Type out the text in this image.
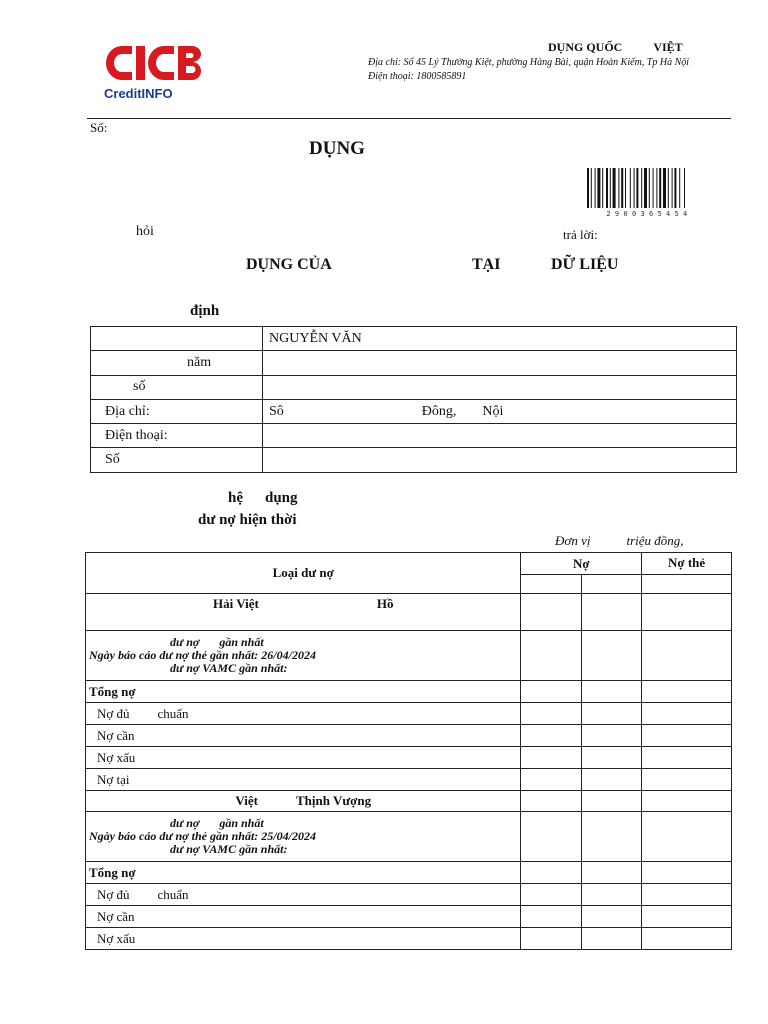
CreditINFO
DỤNG QUỐC	VIỆT
Địa chỉ: Số 45 Lý Thường Kiệt, phường Hàng Bài, quận Hoàn Kiếm, Tp Hà Nội
Điện thoại: 1800585891
Số:
DỤNG
2900365454
hỏi	trả lời:
DỤNG CỦA	TẠI	DỮ LIỆU
định
	NGUYỄN VĂN
năm	
số	
Địa chỉ:	Sô Đông, Nội
Điện thoại:	
Số	
hệ dụng
dư nợ hiện thời
Đơn vị	triệu đồng,
Loại dư nợ	Nợ		Nợ thẻ

Hải Việt Hồ			

dư nợ gần nhất
Ngày báo cáo dư nợ thẻ gần nhất: 26/04/2024
dư nợ VAMC gần nhất:			

Tổng nợ			
Nợ đủ chuẩn			
Nợ cần			
Nợ xấu			
Nợ tại			
Việt Thịnh Vượng			

dư nợ gần nhất
Ngày báo cáo dư nợ thẻ gần nhất: 25/04/2024
dư nợ VAMC gần nhất:			

Tổng nợ			
Nợ đủ chuẩn			
Nợ cần			
Nợ xấu			
